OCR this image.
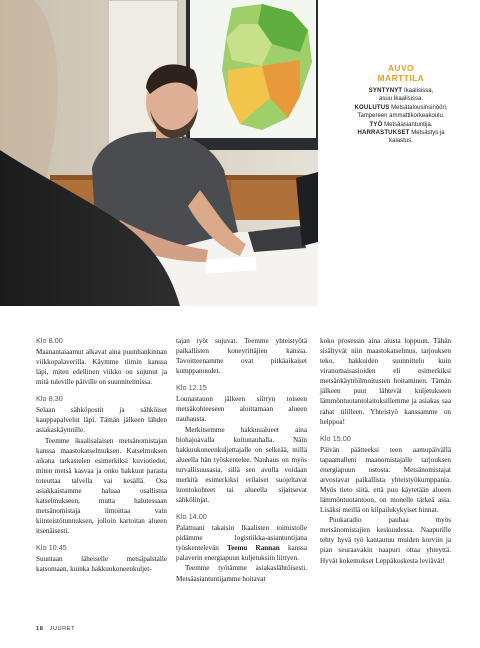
AUVO
MARTTILA
SYNTYNYT Ikaalisissa,
asuu Ikaalisissa.
KOULUTUS Metsätalousinsinööri,
Tampereen ammattikorkeakoulu.
TYÖ Metsäasiantuntija.
HARRASTUKSET Metsästys ja
kalastus.
Klo 8.00

Maanantaiaamut alkavat aina puunhankinnan viikkopalaverilla. Käymme tiimin kanssa läpi, miten edellinen viikko on sujunut ja mitä tuleville päiville on suunnitelmissa.

Klo 8.30

Selaan sähköpostit ja sähköiset kauppapalvelut läpi. Tämän jälkeen lähden asiakaskäynnille.

Teemme ikaalisalaisen metsänomistajan kanssa maastokatselmuksen. Katselmuksen aikana tarkastelen esimerkiksi kuviotiedot, miten metsä kasvaa ja onko hakkuut parasta toteuttaa talvella vai kesällä. Osa asiakkaistamme haluaa osallistua katselmukseen, mutta halutessaan metsänomistaja ilmoittaa vain kiinteistötunnuksen, jolloin kartoitan alueen itsenäisesti.

Klo 10.45

Suuntaan läheiselle metsäpalstalle katsomaan, kuinka hakkuukoneenkuljet-

tajan työt sujuvat. Teemme yhteistyötä paikallisten koneyrittäjien kanssa. Tavoitteenamme ovat pitkäaikaiset kumppanuudet.

Klo 12.15

Lounastauon jälkeen siirryn toiseen metsäkohteeseen aloittamaan alueen nauhausta.

Merkitsemme hakkuualueet aina biohajoavalla kuitunauhalla. Näin hakkuukoneenkuljettajalle on selkeää, millä alueella hän työskentelee. Nauhaus on myös turvallisuusasia, sillä sen avulla voidaan merkitä esimerkiksi erilaiset suojeltavat luontokohteet tai alueella sijaitsevat sähkölinjat.

Klo 14.00

Palattuani takaisin Ikaalisten toimistolle pidämme logistiikka-asiantuntijana työskentelevän Teemu Rannan kanssa palaverin energiapuun kuljetuksiin liittyen.

Teemme työtämme asiakaslähtöisesti. Metsäasiantuntijamme hoitavat

koko prosessin aina alusta loppuun. Tähän sisältyvät niin maastokatselmus, tarjouksen teko, hakkuiden suunnittelu kuin viranomaisasioiden eli esimerkiksi metsänkäyttöilmoitusten hoitaminen. Tämän jälkeen puut lähtevät kuljetukseen lämmöntuotantolaitoksillemme ja asiakas saa rahat tililleen. Yhteistyö kanssamme on helppoa!

Klo 15.00

Päivän päätteeksi teen aamupäivällä tapaamalleni maanomistajalle tarjouksen energiapuun ostosta. Metsänomistajat arvostavat paikallista yhteistyökumppania. Myös tieto siitä, että puu käytetään alueen lämmöntuotantoon, on monelle tärkeä asia. Lisäksi meillä on kilpailukykyiset hinnat.

Puukaradio pauhaa myös metsänomistajien keskuudessa. Naapurille tehty hyvä työ kantautuu muiden korviin ja pian seuraavakin naapuri ottaa yhteyttä. Hyvät kokemukset Leppäkoskesta leviävät!

18 JUURET
